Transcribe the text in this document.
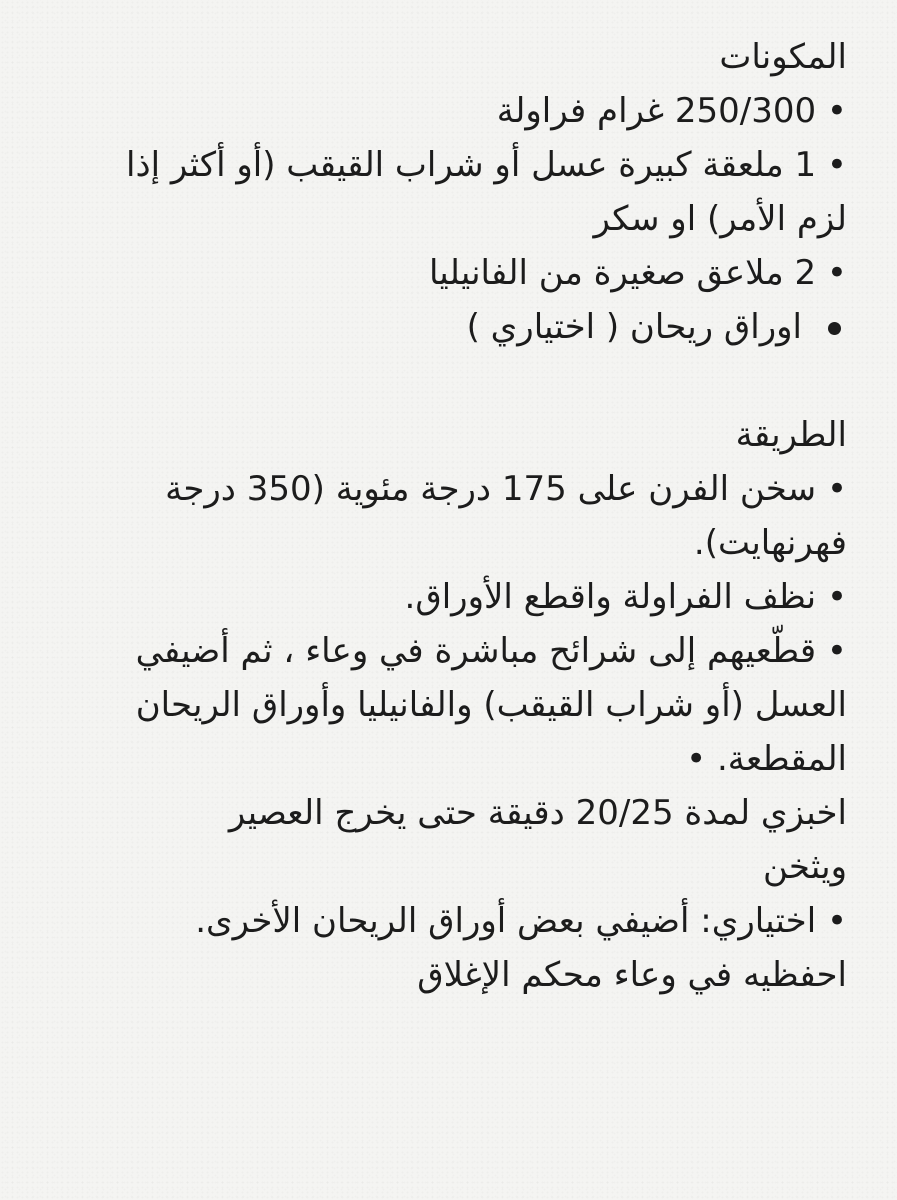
المكونات
• 250/300 غرام فراولة
• 1 ملعقة كبيرة عسل أو شراب القيقب (أو أكثر إذا
لزم الأمر) او سكر
• 2 ملاعق صغيرة من الفانيليا
اوراق ريحان ( اختياري )
الطريقة
• سخن الفرن على 175 درجة مئوية (350 درجة
فهرنهايت).
• نظف الفراولة واقطع الأوراق.
• قطّعيهم إلى شرائح مباشرة في وعاء ، ثم أضيفي
العسل (أو شراب القيقب) والفانيليا وأوراق الريحان
المقطعة. •
اخبزي لمدة 20/25 دقيقة حتى يخرج العصير
ويثخن
• اختياري: أضيفي بعض أوراق الريحان الأخرى.
احفظيه في وعاء محكم الإغلاق
